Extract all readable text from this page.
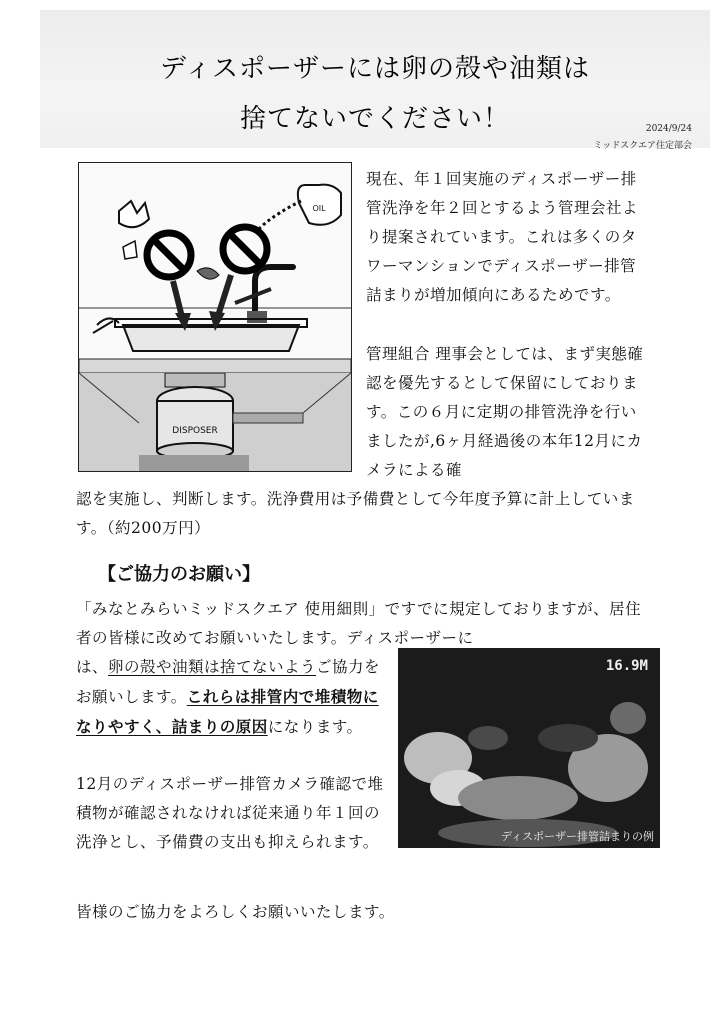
ディスポーザーには卵の殻や油類は
捨てないでください！	2024/9/24
ミッドスクエア住定部会
DISPOSER
OIL
現在、年１回実施のディスポーザー排管洗浄を年２回とするよう管理会社より提案されています。これは多くのタワーマンションでディスポーザー排管詰まりが増加傾向にあるためです。
管理組合 理事会としては、まず実態確認を優先するとして保留にしております。この６月に定期の排管洗浄を行いましたが,6ヶ月経過後の本年12月にカメラによる確
認を実施し、判断します。洗浄費用は予備費として今年度予算に計上しています。（約200万円）
【ご協力のお願い】
「みなとみらいミッドスクエア 使用細則」ですでに規定しておりますが、居住者の皆様に改めてお願いいたします。ディスポーザーに
は、卵の殻や油類は捨てないようご協力をお願いします。これらは排管内で堆積物になりやすく、詰まりの原因になります。
16.9M
ディスポーザー排管詰まりの例
12月のディスポーザー排管カメラ確認で堆積物が確認されなければ従来通り年１回の洗浄とし、予備費の支出も抑えられます。
皆様のご協力をよろしくお願いいたします。
